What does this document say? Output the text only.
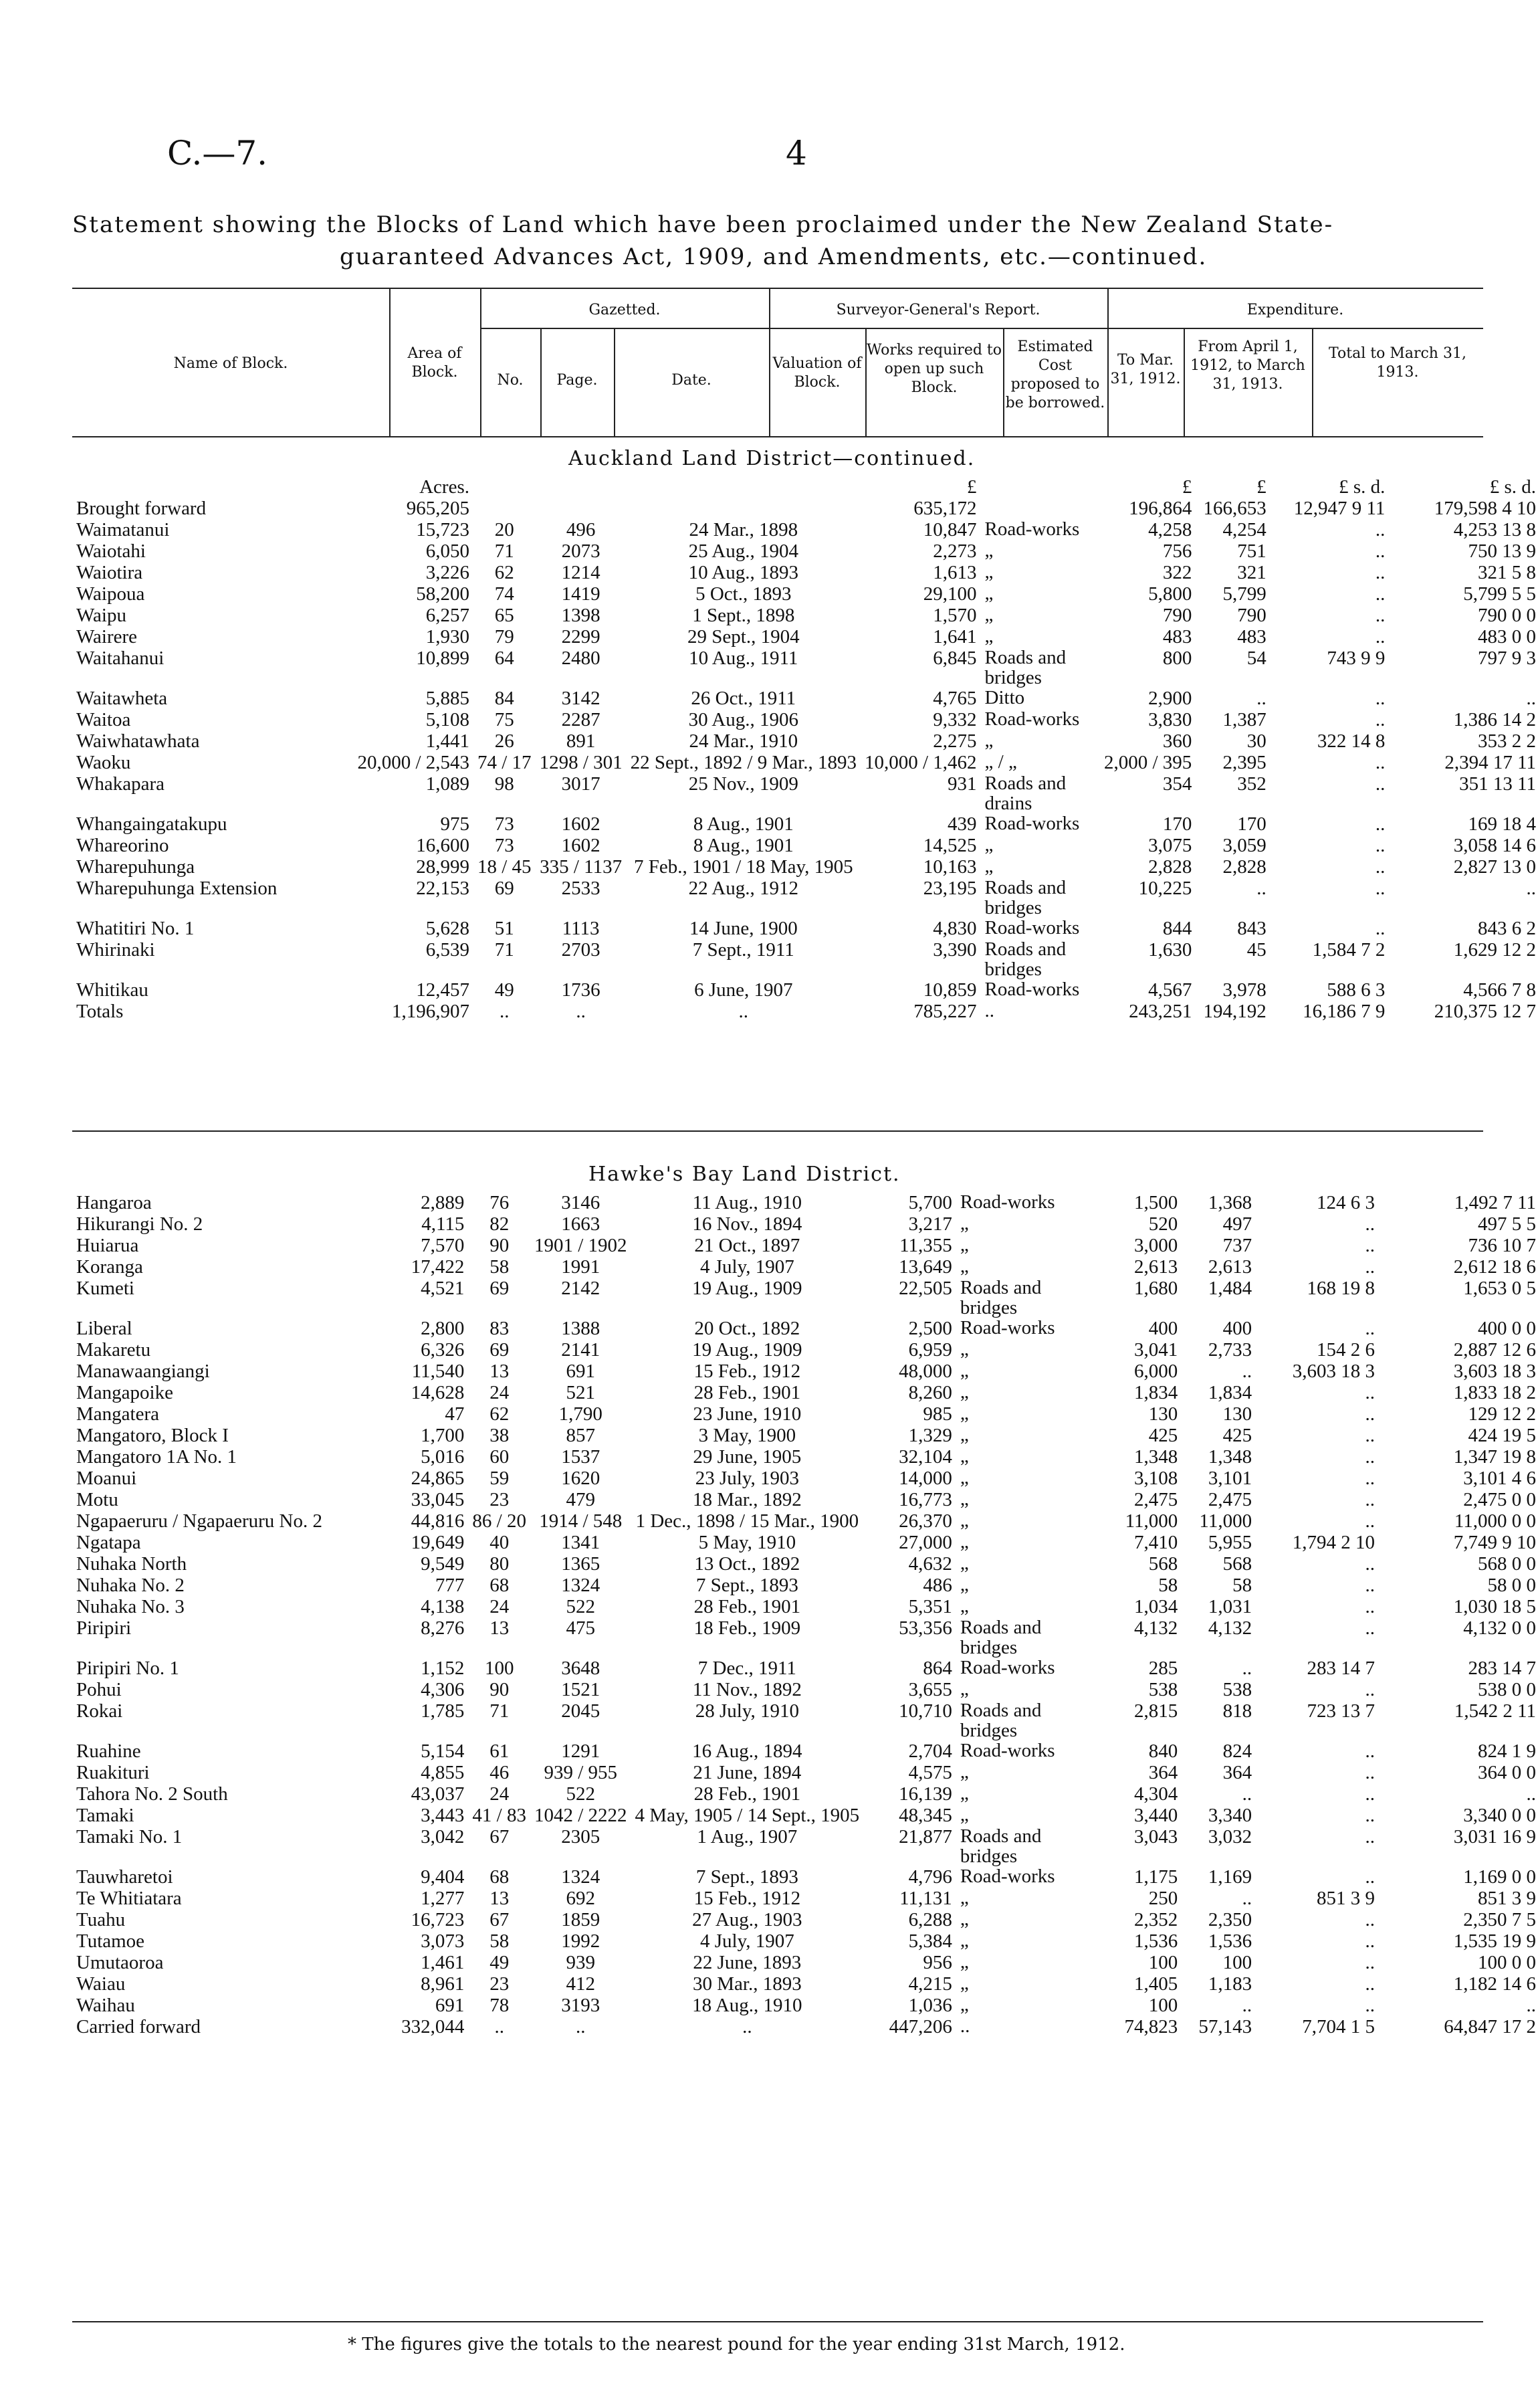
C.—7.	4
Statement showing the Blocks of Land which have been proclaimed under the New Zealand State-
guaranteed Advances Act, 1909, and Amendments, etc.—continued.
Name of Block.
Area of Block.
Gazetted.
No.	Page.	Date.
Surveyor-General's Report.
Valuation of Block.
Works required to open up such Block.
Estimated Cost proposed to be borrowed.
Expenditure.
To Mar. 31, 1912.
From April 1, 1912, to March 31, 1913.
Total to March 31, 1913.
Auckland Land District—continued.
	Acres.				£		£	£	£ s. d.	£ s. d.
Brought forward	965,205				635,172		196,864	166,653	12,947 9 11	179,598 4 10
Waimatanui	15,723	20	496	24 Mar., 1898	10,847	Road-works	4,258	4,254	..	4,253 13 8
Waiotahi	6,050	71	2073	25 Aug., 1904	2,273	„	756	751	..	750 13 9
Waiotira	3,226	62	1214	10 Aug., 1893	1,613	„	322	321	..	321 5 8
Waipoua	58,200	74	1419	5 Oct., 1893	29,100	„	5,800	5,799	..	5,799 5 5
Waipu	6,257	65	1398	1 Sept., 1898	1,570	„	790	790	..	790 0 0
Wairere	1,930	79	2299	29 Sept., 1904	1,641	„	483	483	..	483 0 0
Waitahanui	10,899	64	2480	10 Aug., 1911	6,845	Roads and bridges	800	54	743 9 9	797 9 3
Waitawheta	5,885	84	3142	26 Oct., 1911	4,765	Ditto	2,900	..	..	..
Waitoa	5,108	75	2287	30 Aug., 1906	9,332	Road-works	3,830	1,387	..	1,386 14 2
Waiwhatawhata	1,441	26	891	24 Mar., 1910	2,275	„	360	30	322 14 8	353 2 2
Waoku	20,000 / 2,543	74 / 17	1298 / 301	22 Sept., 1892 / 9 Mar., 1893	10,000 / 1,462	„ / „	2,000 / 395	2,395	..	2,394 17 11
Whakapara	1,089	98	3017	25 Nov., 1909	931	Roads and drains	354	352	..	351 13 11
Whangaingatakupu	975	73	1602	8 Aug., 1901	439	Road-works	170	170	..	169 18 4
Whareorino	16,600	73	1602	8 Aug., 1901	14,525	„	3,075	3,059	..	3,058 14 6
Wharepuhunga	28,999	18 / 45	335 / 1137	7 Feb., 1901 / 18 May, 1905	10,163	„	2,828	2,828	..	2,827 13 0
Wharepuhunga Extension	22,153	69	2533	22 Aug., 1912	23,195	Roads and bridges	10,225	..	..	..
Whatitiri No. 1	5,628	51	1113	14 June, 1900	4,830	Road-works	844	843	..	843 6 2
Whirinaki	6,539	71	2703	7 Sept., 1911	3,390	Roads and bridges	1,630	45	1,584 7 2	1,629 12 2
Whitikau	12,457	49	1736	6 June, 1907	10,859	Road-works	4,567	3,978	588 6 3	4,566 7 8
Totals	1,196,907	..	..	..	785,227	..	243,251	194,192	16,186 7 9	210,375 12 7
Hawke's Bay Land District.
Hangaroa	2,889	76	3146	11 Aug., 1910	5,700	Road-works	1,500	1,368	124 6 3	1,492 7 11
Hikurangi No. 2	4,115	82	1663	16 Nov., 1894	3,217	„	520	497	..	497 5 5
Huiarua	7,570	90	1901 / 1902	21 Oct., 1897	11,355	„	3,000	737	..	736 10 7
Koranga	17,422	58	1991	4 July, 1907	13,649	„	2,613	2,613	..	2,612 18 6
Kumeti	4,521	69	2142	19 Aug., 1909	22,505	Roads and bridges	1,680	1,484	168 19 8	1,653 0 5
Liberal	2,800	83	1388	20 Oct., 1892	2,500	Road-works	400	400	..	400 0 0
Makaretu	6,326	69	2141	19 Aug., 1909	6,959	„	3,041	2,733	154 2 6	2,887 12 6
Manawaangiangi	11,540	13	691	15 Feb., 1912	48,000	„	6,000	..	3,603 18 3	3,603 18 3
Mangapoike	14,628	24	521	28 Feb., 1901	8,260	„	1,834	1,834	..	1,833 18 2
Mangatera	47	62	1,790	23 June, 1910	985	„	130	130	..	129 12 2
Mangatoro, Block I	1,700	38	857	3 May, 1900	1,329	„	425	425	..	424 19 5
Mangatoro 1A No. 1	5,016	60	1537	29 June, 1905	32,104	„	1,348	1,348	..	1,347 19 8
Moanui	24,865	59	1620	23 July, 1903	14,000	„	3,108	3,101	..	3,101 4 6
Motu	33,045	23	479	18 Mar., 1892	16,773	„	2,475	2,475	..	2,475 0 0
Ngapaeruru / Ngapaeruru No. 2	44,816	86 / 20	1914 / 548	1 Dec., 1898 / 15 Mar., 1900	26,370	„	11,000	11,000	..	11,000 0 0
Ngatapa	19,649	40	1341	5 May, 1910	27,000	„	7,410	5,955	1,794 2 10	7,749 9 10
Nuhaka North	9,549	80	1365	13 Oct., 1892	4,632	„	568	568	..	568 0 0
Nuhaka No. 2	777	68	1324	7 Sept., 1893	486	„	58	58	..	58 0 0
Nuhaka No. 3	4,138	24	522	28 Feb., 1901	5,351	„	1,034	1,031	..	1,030 18 5
Piripiri	8,276	13	475	18 Feb., 1909	53,356	Roads and bridges	4,132	4,132	..	4,132 0 0
Piripiri No. 1	1,152	100	3648	7 Dec., 1911	864	Road-works	285	..	283 14 7	283 14 7
Pohui	4,306	90	1521	11 Nov., 1892	3,655	„	538	538	..	538 0 0
Rokai	1,785	71	2045	28 July, 1910	10,710	Roads and bridges	2,815	818	723 13 7	1,542 2 11
Ruahine	5,154	61	1291	16 Aug., 1894	2,704	Road-works	840	824	..	824 1 9
Ruakituri	4,855	46	939 / 955	21 June, 1894	4,575	„	364	364	..	364 0 0
Tahora No. 2 South	43,037	24	522	28 Feb., 1901	16,139	„	4,304	..	..	..
Tamaki	3,443	41 / 83	1042 / 2222	4 May, 1905 / 14 Sept., 1905	48,345	„	3,440	3,340	..	3,340 0 0
Tamaki No. 1	3,042	67	2305	1 Aug., 1907	21,877	Roads and bridges	3,043	3,032	..	3,031 16 9
Tauwharetoi	9,404	68	1324	7 Sept., 1893	4,796	Road-works	1,175	1,169	..	1,169 0 0
Te Whitiatara	1,277	13	692	15 Feb., 1912	11,131	„	250	..	851 3 9	851 3 9
Tuahu	16,723	67	1859	27 Aug., 1903	6,288	„	2,352	2,350	..	2,350 7 5
Tutamoe	3,073	58	1992	4 July, 1907	5,384	„	1,536	1,536	..	1,535 19 9
Umutaoroa	1,461	49	939	22 June, 1893	956	„	100	100	..	100 0 0
Waiau	8,961	23	412	30 Mar., 1893	4,215	„	1,405	1,183	..	1,182 14 6
Waihau	691	78	3193	18 Aug., 1910	1,036	„	100	..	..	..
Carried forward	332,044	..	..	..	447,206	..	74,823	57,143	7,704 1 5	64,847 17 2
* The figures give the totals to the nearest pound for the year ending 31st March, 1912.
